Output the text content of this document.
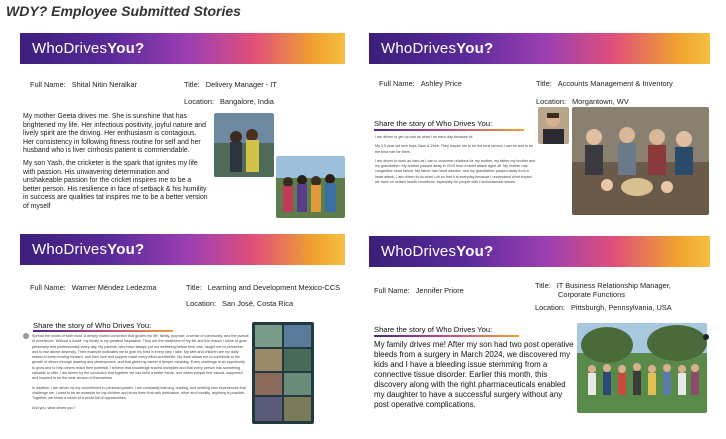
WDY? Employee Submitted Stories
WhoDrivesYou?
Full Name: Shital Nitin Neralkar	Title: Delivery Manager - IT
Location: Bangalore, India

My mother Geeta drives me. She is sunshine that has brightened my life. Her infectious positivity, joyful nature and lively spirit are the driving. Her enthusiasm is contagious. Her consistency in following fitness routine for self and her husband who is liver cirrhosis patient is commendable.

My son Yash, the cricketer is the spark that ignites my life with passion. His unwavering determination and unshakeable passion for the cricket inspires me to be a better person. His resilience in face of setback & his humility in success are qualities tat inspires me to be a better version of myself

WhoDrivesYou?
Full Name: Ashley Price	Title: Accounts Management & Inventory
Location: Morgantown, WV
Share the story of Who Drives You:

I am driven to get up and do what I do each day because of:

My 2.5 year old twin boys Zane & Zeke. They inspire me to be the best person I can be and to be the best role for them.

I am driven to work as hard as I can in customer relations for my mother, my father my brother and my grandfather. My brother passed away in 2019 from a heart attack aged 40. My mother has congestive heart failure. My father has heart disease, and my grandfather passed away from a heart attack. I am driven to do what I do so that it is everyday because I understand what impact we have on certain health conditions, especially for people with Cardiovascular issues.

WhoDrivesYou?
Full Name: Warner Méndez Ledezma	Title: Learning and Development Mexico-CCS
Location: San José, Costa Rica
Share the story of Who Drives You:

Spread the words of faith most. A deeply rooted conviction that guides my life: family, purpose, a sense of community, and the pursuit of excellence. Without a doubt, my family is my greatest inspiration. They are the backbone of my life and the reason I strive to grow personally and professionally every day. My parents, who have always put our wellbeing before their own, taught me to persevere and to rise above adversity. Their example motivates me to give my best in every step I take. My wife and children are my daily reason to keep moving forward, and their love and support make every effort worthwhile. My work allows me to contribute to the growth of others through learning and development, and that gives my career a deeper meaning. Every challenge is an opportunity to grow and to help others reach their potential. I believe that knowledge shared multiplies and that every person has something valuable to offer. I am driven by the conviction that together we can build a better future, one where people feel valued, supported and inspired to be the best version of themselves.

In addition, I am driven by my commitment to personal growth. I am constantly learning, reading, and seeking new experiences that challenge me. I want to be an example for my children and show them that with dedication, effort and humility, anything is possible. Together, we share a vision of a world full of opportunities.

And you, what drives you?

WhoDrivesYou?
Full Name: Jennifer Priore
Title: IT Business Relationship Manager,
Corporate Functions
Location: Pittsburgh, Pennsylvania, USA
Share the story of Who Drives You:

My family drives me! After my son had two post operative bleeds from a surgery in March 2024, we discovered my kids and I have a bleeding issue stemming from a connective tissue disorder. Earlier this month, this discovery along with the right pharmaceuticals enabled my daughter to have a successful surgery without any post operative complications.
